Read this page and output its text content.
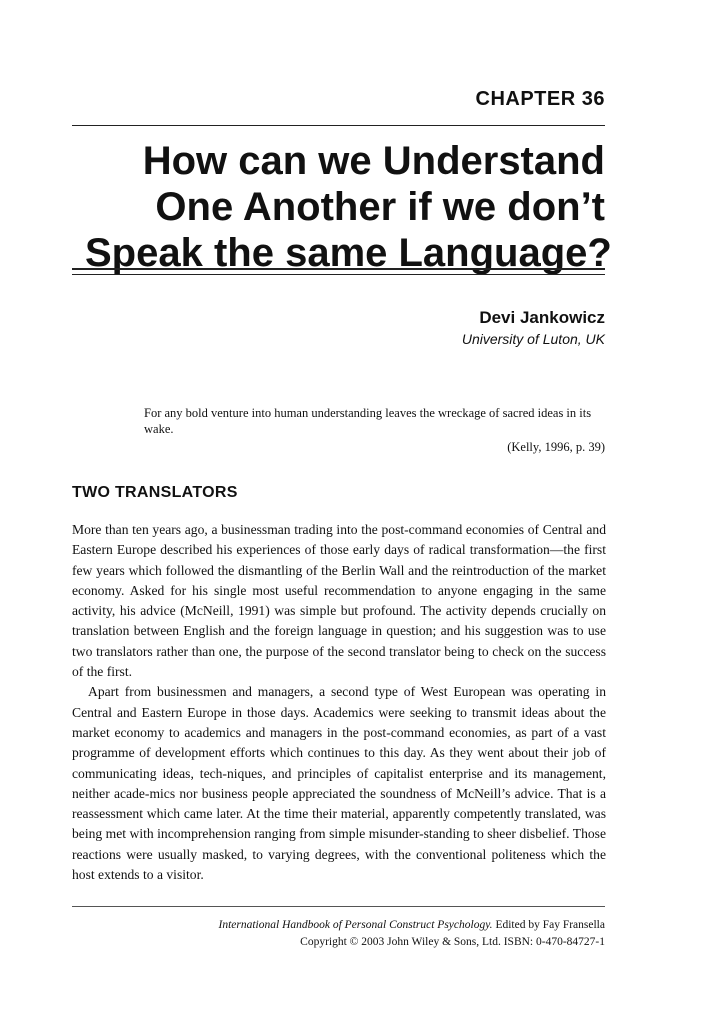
CHAPTER 36
How can we Understand
One Another if we don’t
Speak the same Language?
Devi Jankowicz
University of Luton, UK

For any bold venture into human understanding leaves the wreckage of sacred ideas in its wake.

(Kelly, 1996, p. 39)

TWO TRANSLATORS

More than ten years ago, a businessman trading into the post-command economies of Central and Eastern Europe described his experiences of those early days of radical transformation—the first few years which followed the dismantling of the Berlin Wall and the reintroduction of the market economy. Asked for his single most useful recommendation to anyone engaging in the same activity, his advice (McNeill, 1991) was simple but profound. The activity depends crucially on translation between English and the foreign language in question; and his suggestion was to use two translators rather than one, the purpose of the second translator being to check on the success of the first.

Apart from businessmen and managers, a second type of West European was operating in Central and Eastern Europe in those days. Academics were seeking to transmit ideas about the market economy to academics and managers in the post-command economies, as part of a vast programme of development efforts which continues to this day. As they went about their job of communicating ideas, tech-niques, and principles of capitalist enterprise and its management, neither acade-mics nor business people appreciated the soundness of McNeill’s advice. That is a reassessment which came later. At the time their material, apparently competently translated, was being met with incomprehension ranging from simple misunder-standing to sheer disbelief. Those reactions were usually masked, to varying degrees, with the conventional politeness which the host extends to a visitor.

International Handbook of Personal Construct Psychology. Edited by Fay Fransella
Copyright © 2003 John Wiley & Sons, Ltd. ISBN: 0-470-84727-1
